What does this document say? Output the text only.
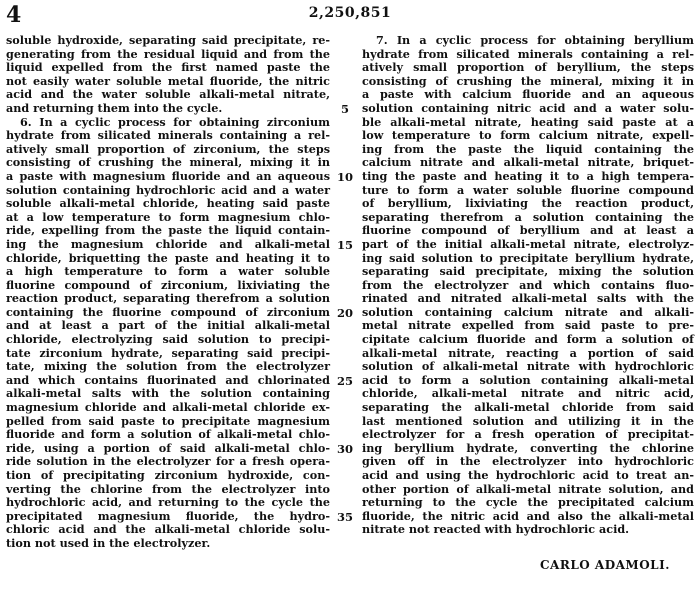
4	2,250,851
soluble hydroxide, separating said precipitate, re-
generating from the residual liquid and from the
liquid expelled from the first named paste the
not easily water soluble metal fluoride, the nitric
acid and the water soluble alkali-metal nitrate,
and returning them into the cycle.
6. In a cyclic process for obtaining zirconium
hydrate from silicated minerals containing a rel-
atively small proportion of zirconium, the steps
consisting of crushing the mineral, mixing it in
a paste with magnesium fluoride and an aqueous
solution containing hydrochloric acid and a water
soluble alkali-metal chloride, heating said paste
at a low temperature to form magnesium chlo-
ride, expelling from the paste the liquid contain-
ing the magnesium chloride and alkali-metal
chloride, briquetting the paste and heating it to
a high temperature to form a water soluble
fluorine compound of zirconium, lixiviating the
reaction product, separating therefrom a solution
containing the fluorine compound of zirconium
and at least a part of the initial alkali-metal
chloride, electrolyzing said solution to precipi-
tate zirconium hydrate, separating said precipi-
tate, mixing the solution from the electrolyzer
and which contains fluorinated and chlorinated
alkali-metal salts with the solution containing
magnesium chloride and alkali-metal chloride ex-
pelled from said paste to precipitate magnesium
fluoride and form a solution of alkali-metal chlo-
ride, using a portion of said alkali-metal chlo-
ride solution in the electrolyzer for a fresh opera-
tion of precipitating zirconium hydroxide, con-
verting the chlorine from the electrolyzer into
hydrochloric acid, and returning to the cycle the
precipitated magnesium fluoride, the hydro-
chloric acid and the alkali-metal chloride solu-
tion not used in the electrolyzer.
5
10
15
20
25
30
35
7. In a cyclic process for obtaining beryllium
hydrate from silicated minerals containing a rel-
atively small proportion of beryllium, the steps
consisting of crushing the mineral, mixing it in
a paste with calcium fluoride and an aqueous
solution containing nitric acid and a water solu-
ble alkali-metal nitrate, heating said paste at a
low temperature to form calcium nitrate, expell-
ing from the paste the liquid containing the
calcium nitrate and alkali-metal nitrate, briquet-
ting the paste and heating it to a high tempera-
ture to form a water soluble fluorine compound
of beryllium, lixiviating the reaction product,
separating therefrom a solution containing the
fluorine compound of beryllium and at least a
part of the initial alkali-metal nitrate, electrolyz-
ing said solution to precipitate beryllium hydrate,
separating said precipitate, mixing the solution
from the electrolyzer and which contains fluo-
rinated and nitrated alkali-metal salts with the
solution containing calcium nitrate and alkali-
metal nitrate expelled from said paste to pre-
cipitate calcium fluoride and form a solution of
alkali-metal nitrate, reacting a portion of said
solution of alkali-metal nitrate with hydrochloric
acid to form a solution containing alkali-metal
chloride, alkali-metal nitrate and nitric acid,
separating the alkali-metal chloride from said
last mentioned solution and utilizing it in the
electrolyzer for a fresh operation of precipitat-
ing beryllium hydrate, converting the chlorine
given off in the electrolyzer into hydrochloric
acid and using the hydrochloric acid to treat an-
other portion of alkali-metal nitrate solution, and
returning to the cycle the precipitated calcium
fluoride, the nitric acid and also the alkali-metal
nitrate not reacted with hydrochloric acid.
CARLO ADAMOLI.
